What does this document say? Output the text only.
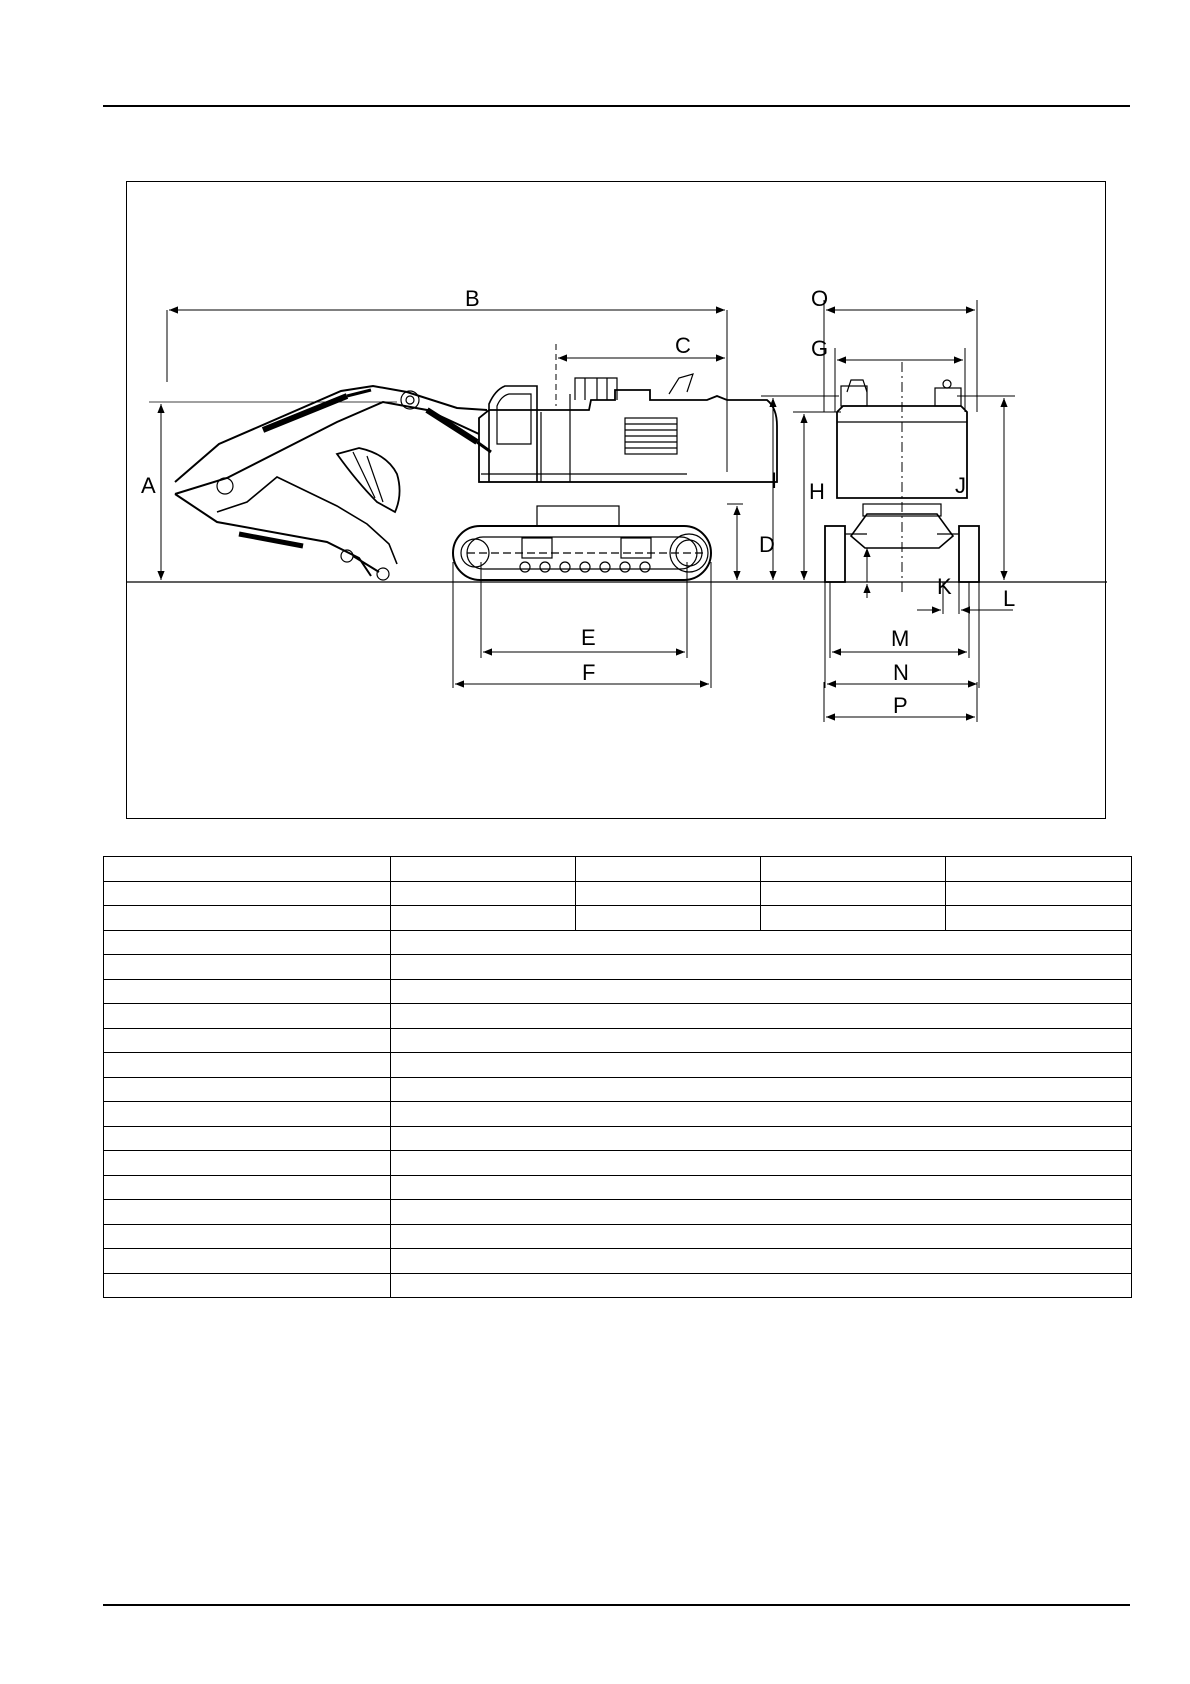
A
B
C
D
E
F
J
H
G
K L
M
N
O
P
I
